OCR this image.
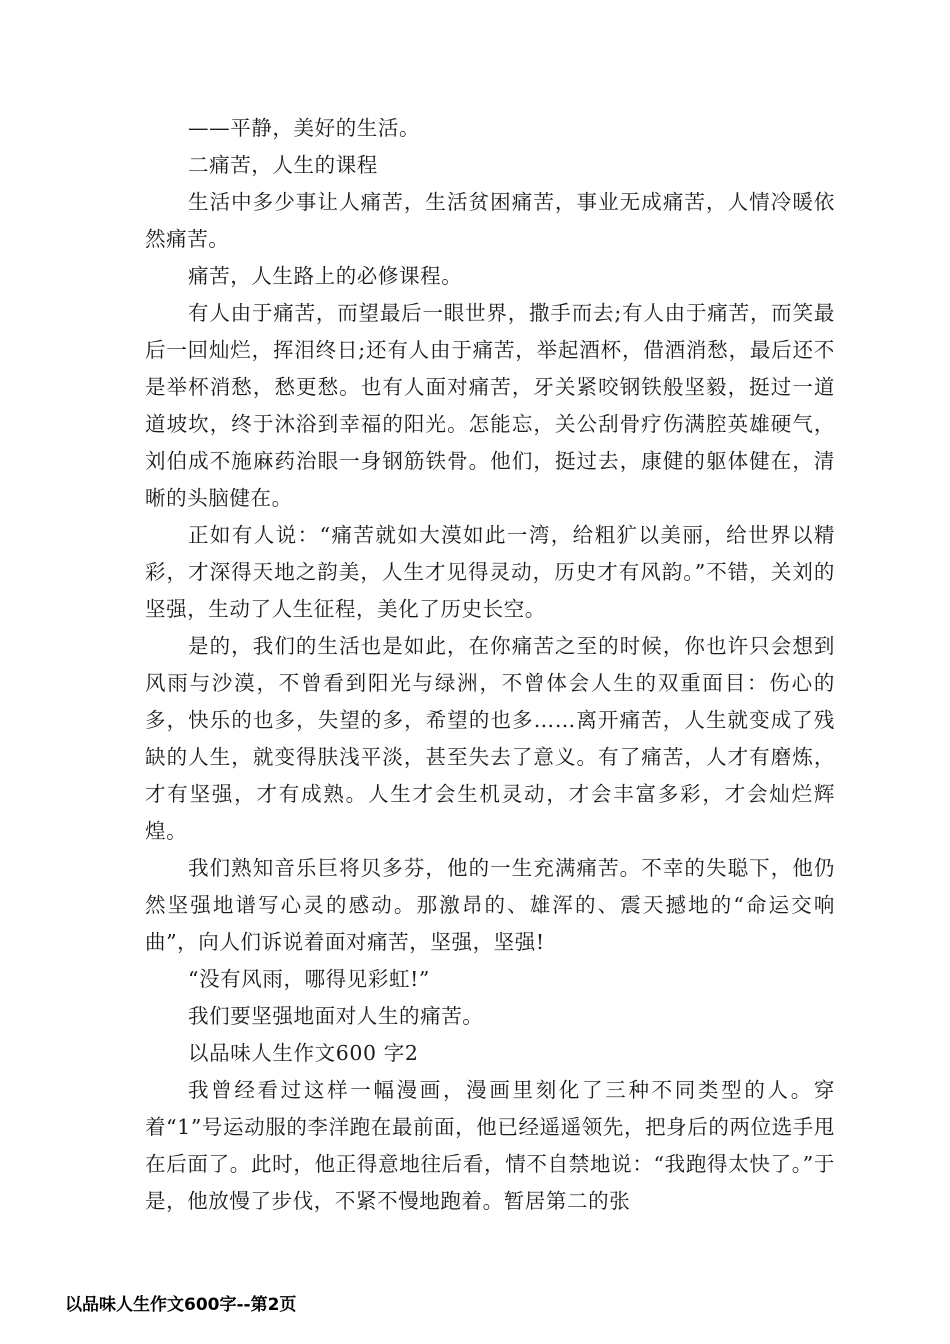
——平静，美好的生活。

二痛苦，人生的课程

生活中多少事让人痛苦，生活贫困痛苦，事业无成痛苦，人情冷暖依然痛苦。

痛苦，人生路上的必修课程。

有人由于痛苦，而望最后一眼世界，撒手而去;有人由于痛苦，而笑最后一回灿烂，挥泪终日;还有人由于痛苦，举起酒杯，借酒消愁，最后还不是举杯消愁，愁更愁。也有人面对痛苦，牙关紧咬钢铁般坚毅，挺过一道道坡坎，终于沐浴到幸福的阳光。怎能忘，关公刮骨疗伤满腔英雄硬气，刘伯成不施麻药治眼一身钢筋铁骨。他们，挺过去，康健的躯体健在，清晰的头脑健在。

正如有人说：“痛苦就如大漠如此一湾，给粗犷以美丽，给世界以精彩，才深得天地之韵美，人生才见得灵动，历史才有风韵。”不错，关刘的坚强，生动了人生征程，美化了历史长空。

是的，我们的生活也是如此，在你痛苦之至的时候，你也许只会想到风雨与沙漠，不曾看到阳光与绿洲，不曾体会人生的双重面目：伤心的多，快乐的也多，失望的多，希望的也多……离开痛苦，人生就变成了残缺的人生，就变得肤浅平淡，甚至失去了意义。有了痛苦，人才有磨炼，才有坚强，才有成熟。人生才会生机灵动，才会丰富多彩，才会灿烂辉煌。

我们熟知音乐巨将贝多芬，他的一生充满痛苦。不幸的失聪下，他仍然坚强地谱写心灵的感动。那激昂的、雄浑的、震天撼地的“命运交响曲”，向人们诉说着面对痛苦，坚强，坚强!

“没有风雨，哪得见彩虹!”

我们要坚强地面对人生的痛苦。

以品味人生作文600 字2

我曾经看过这样一幅漫画，漫画里刻化了三种不同类型的人。穿着“1”号运动服的李洋跑在最前面，他已经遥遥领先，把身后的两位选手甩在后面了。此时，他正得意地往后看，情不自禁地说：“我跑得太快了。”于是，他放慢了步伐，不紧不慢地跑着。暂居第二的张

以品味人生作文600字--第2页
